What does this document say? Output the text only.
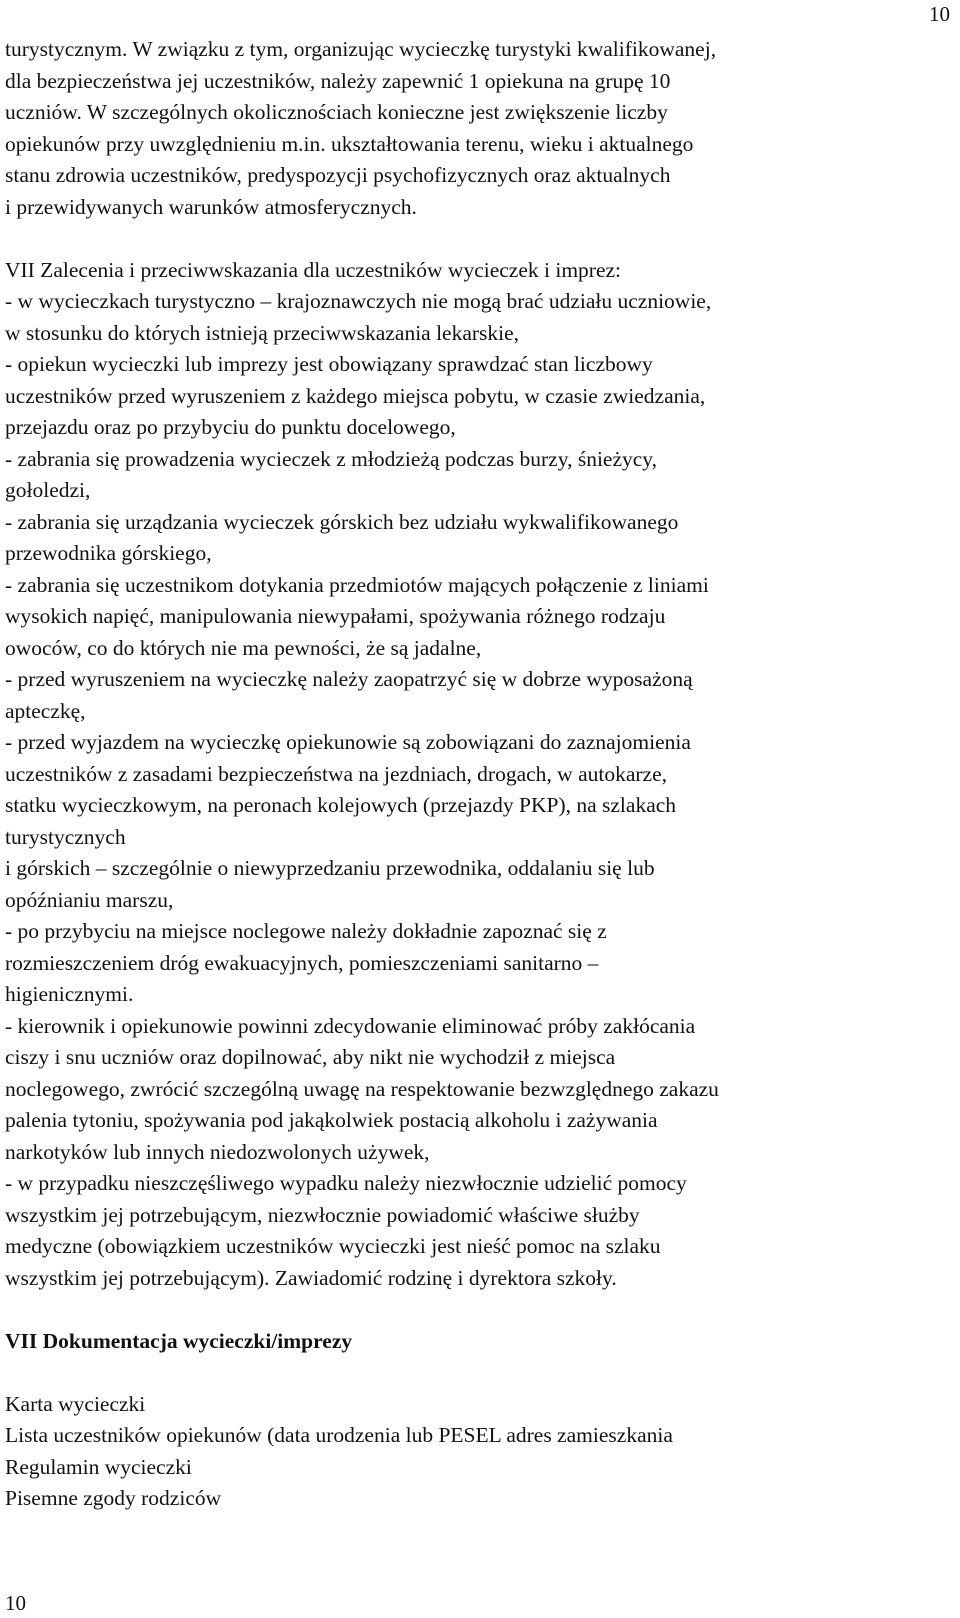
10
turystycznym. W związku z tym, organizując wycieczkę turystyki kwalifikowanej,
dla bezpieczeństwa jej uczestników, należy zapewnić 1 opiekuna na grupę 10
uczniów. W szczególnych okolicznościach konieczne jest zwiększenie liczby
opiekunów przy uwzględnieniu m.in. ukształtowania terenu, wieku i aktualnego
stanu zdrowia uczestników, predyspozycji psychofizycznych oraz aktualnych
i przewidywanych warunków atmosferycznych.
VII Zalecenia i przeciwwskazania dla uczestników wycieczek i imprez:
- w wycieczkach turystyczno – krajoznawczych nie mogą brać udziału uczniowie,
w stosunku do których istnieją przeciwwskazania lekarskie,
- opiekun wycieczki lub imprezy jest obowiązany sprawdzać stan liczbowy
uczestników przed wyruszeniem z każdego miejsca pobytu, w czasie zwiedzania,
przejazdu oraz po przybyciu do punktu docelowego,
- zabrania się prowadzenia wycieczek z młodzieżą podczas burzy, śnieżycy,
gołoledzi,
- zabrania się urządzania wycieczek górskich bez udziału wykwalifikowanego
przewodnika górskiego,
- zabrania się uczestnikom dotykania przedmiotów mających połączenie z liniami
wysokich napięć, manipulowania niewypałami, spożywania różnego rodzaju
owoców, co do których nie ma pewności, że są jadalne,
- przed wyruszeniem na wycieczkę należy zaopatrzyć się w dobrze wyposażoną
apteczkę,
- przed wyjazdem na wycieczkę opiekunowie są zobowiązani do zaznajomienia
uczestników z zasadami bezpieczeństwa na jezdniach, drogach, w autokarze,
statku wycieczkowym, na peronach kolejowych (przejazdy PKP), na szlakach
turystycznych
i górskich – szczególnie o niewyprzedzaniu przewodnika, oddalaniu się lub
opóźnianiu marszu,
- po przybyciu na miejsce noclegowe należy dokładnie zapoznać się z
rozmieszczeniem dróg ewakuacyjnych, pomieszczeniami sanitarno –
higienicznymi.
- kierownik i opiekunowie powinni zdecydowanie eliminować próby zakłócania
ciszy i snu uczniów oraz dopilnować, aby nikt nie wychodził z miejsca
noclegowego, zwrócić szczególną uwagę na respektowanie bezwzględnego zakazu
palenia tytoniu, spożywania pod jakąkolwiek postacią alkoholu i zażywania
narkotyków lub innych niedozwolonych używek,
- w przypadku nieszczęśliwego wypadku należy niezwłocznie udzielić pomocy
wszystkim jej potrzebującym, niezwłocznie powiadomić właściwe służby
medyczne (obowiązkiem uczestników wycieczki jest nieść pomoc na szlaku
wszystkim jej potrzebującym). Zawiadomić rodzinę i dyrektora szkoły.
VII Dokumentacja wycieczki/imprezy
Karta wycieczki
Lista uczestników opiekunów (data urodzenia lub PESEL adres zamieszkania
Regulamin wycieczki
Pisemne zgody rodziców
10
